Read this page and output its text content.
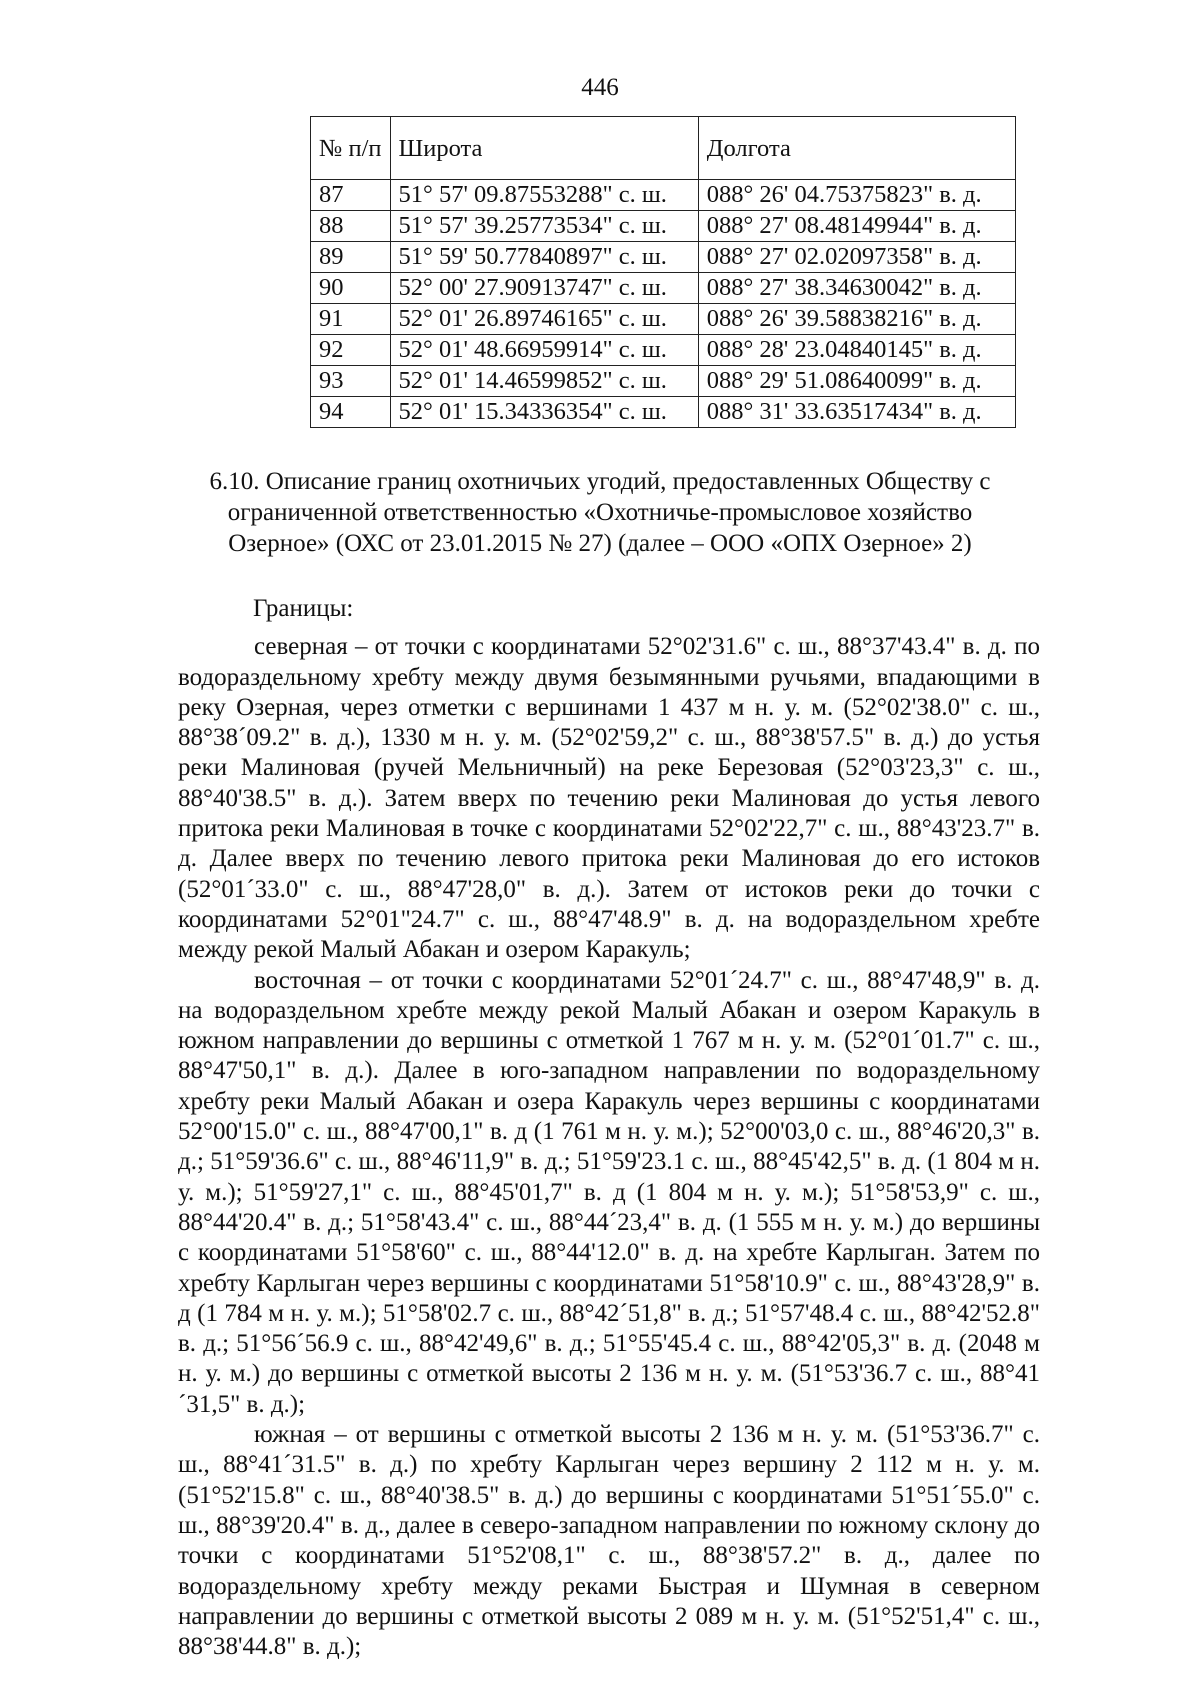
446
№ п/п	Широта	Долгота
87	51° 57' 09.87553288" с. ш.	088° 26' 04.75375823" в. д.
88	51° 57' 39.25773534" с. ш.	088° 27' 08.48149944" в. д.
89	51° 59' 50.77840897" с. ш.	088° 27' 02.02097358" в. д.
90	52° 00' 27.90913747" с. ш.	088° 27' 38.34630042" в. д.
91	52° 01' 26.89746165" с. ш.	088° 26' 39.58838216" в. д.
92	52° 01' 48.66959914" с. ш.	088° 28' 23.04840145" в. д.
93	52° 01' 14.46599852" с. ш.	088° 29' 51.08640099" в. д.
94	52° 01' 15.34336354" с. ш.	088° 31' 33.63517434" в. д.
6.10. Описание границ охотничьих угодий, предоставленных Обществу с ограниченной ответственностью «Охотничье-промысловое хозяйство Озерное» (ОХС от 23.01.2015 № 27) (далее – ООО «ОПХ Озерное» 2)

Границы:

северная – от точки с координатами 52°02'31.6" с. ш., 88°37'43.4" в. д. по водораздельному хребту между двумя безымянными ручьями, впадающими в реку Озерная, через отметки с вершинами 1 437 м н. у. м. (52°02'38.0" с. ш., 88°38´09.2" в. д.), 1330 м н. у. м. (52°02'59,2" с. ш., 88°38'57.5" в. д.) до устья реки Малиновая (ручей Мельничный) на реке Березовая (52°03'23,3" с. ш., 88°40'38.5" в. д.). Затем вверх по течению реки Малиновая до устья левого притока реки Малиновая в точке с координатами 52°02'22,7" с. ш., 88°43'23.7" в. д. Далее вверх по течению левого притока реки Малиновая до его истоков (52°01´33.0" с. ш., 88°47'28,0" в. д.). Затем от истоков реки до точки с координатами 52°01"24.7" с. ш., 88°47'48.9" в. д. на водораздельном хребте между рекой Малый Абакан и озером Каракуль;

восточная – от точки с координатами 52°01´24.7" с. ш., 88°47'48,9" в. д. на водораздельном хребте между рекой Малый Абакан и озером Каракуль в южном направлении до вершины с отметкой 1 767 м н. у. м. (52°01´01.7" с. ш., 88°47'50,1" в. д.). Далее в юго-западном направлении по водораздельному хребту реки Малый Абакан и озера Каракуль через вершины с координатами 52°00'15.0" с. ш., 88°47'00,1" в. д (1 761 м н. у. м.); 52°00'03,0 с. ш., 88°46'20,3" в. д.; 51°59'36.6" с. ш., 88°46'11,9" в. д.; 51°59'23.1 с. ш., 88°45'42,5" в. д. (1 804 м н. у. м.); 51°59'27,1" с. ш., 88°45'01,7" в. д (1 804 м н. у. м.); 51°58'53,9" с. ш., 88°44'20.4" в. д.; 51°58'43.4" с. ш., 88°44´23,4" в. д. (1 555 м н. у. м.) до вершины с координатами 51°58'60" с. ш., 88°44'12.0" в. д. на хребте Карлыган. Затем по хребту Карлыган через вершины с координатами 51°58'10.9" с. ш., 88°43'28,9" в. д (1 784 м н. у. м.); 51°58'02.7 с. ш., 88°42´51,8" в. д.; 51°57'48.4 с. ш., 88°42'52.8" в. д.; 51°56´56.9 с. ш., 88°42'49,6" в. д.; 51°55'45.4 с. ш., 88°42'05,3" в. д. (2048 м н. у. м.) до вершины с отметкой высоты 2 136 м н. у. м. (51°53'36.7 с. ш., 88°41´31,5" в. д.);

южная – от вершины с отметкой высоты 2 136 м н. у. м. (51°53'36.7" с. ш., 88°41´31.5" в. д.) по хребту Карлыган через вершину 2 112 м н. у. м. (51°52'15.8" с. ш., 88°40'38.5" в. д.) до вершины с координатами 51°51´55.0" с. ш., 88°39'20.4" в. д., далее в северо-западном направлении по южному склону до точки с координатами 51°52'08,1" с. ш., 88°38'57.2" в. д., далее по водораздельному хребту между реками Быстрая и Шумная в северном направлении до вершины с отметкой высоты 2 089 м н. у. м. (51°52'51,4" с. ш., 88°38'44.8" в. д.);
